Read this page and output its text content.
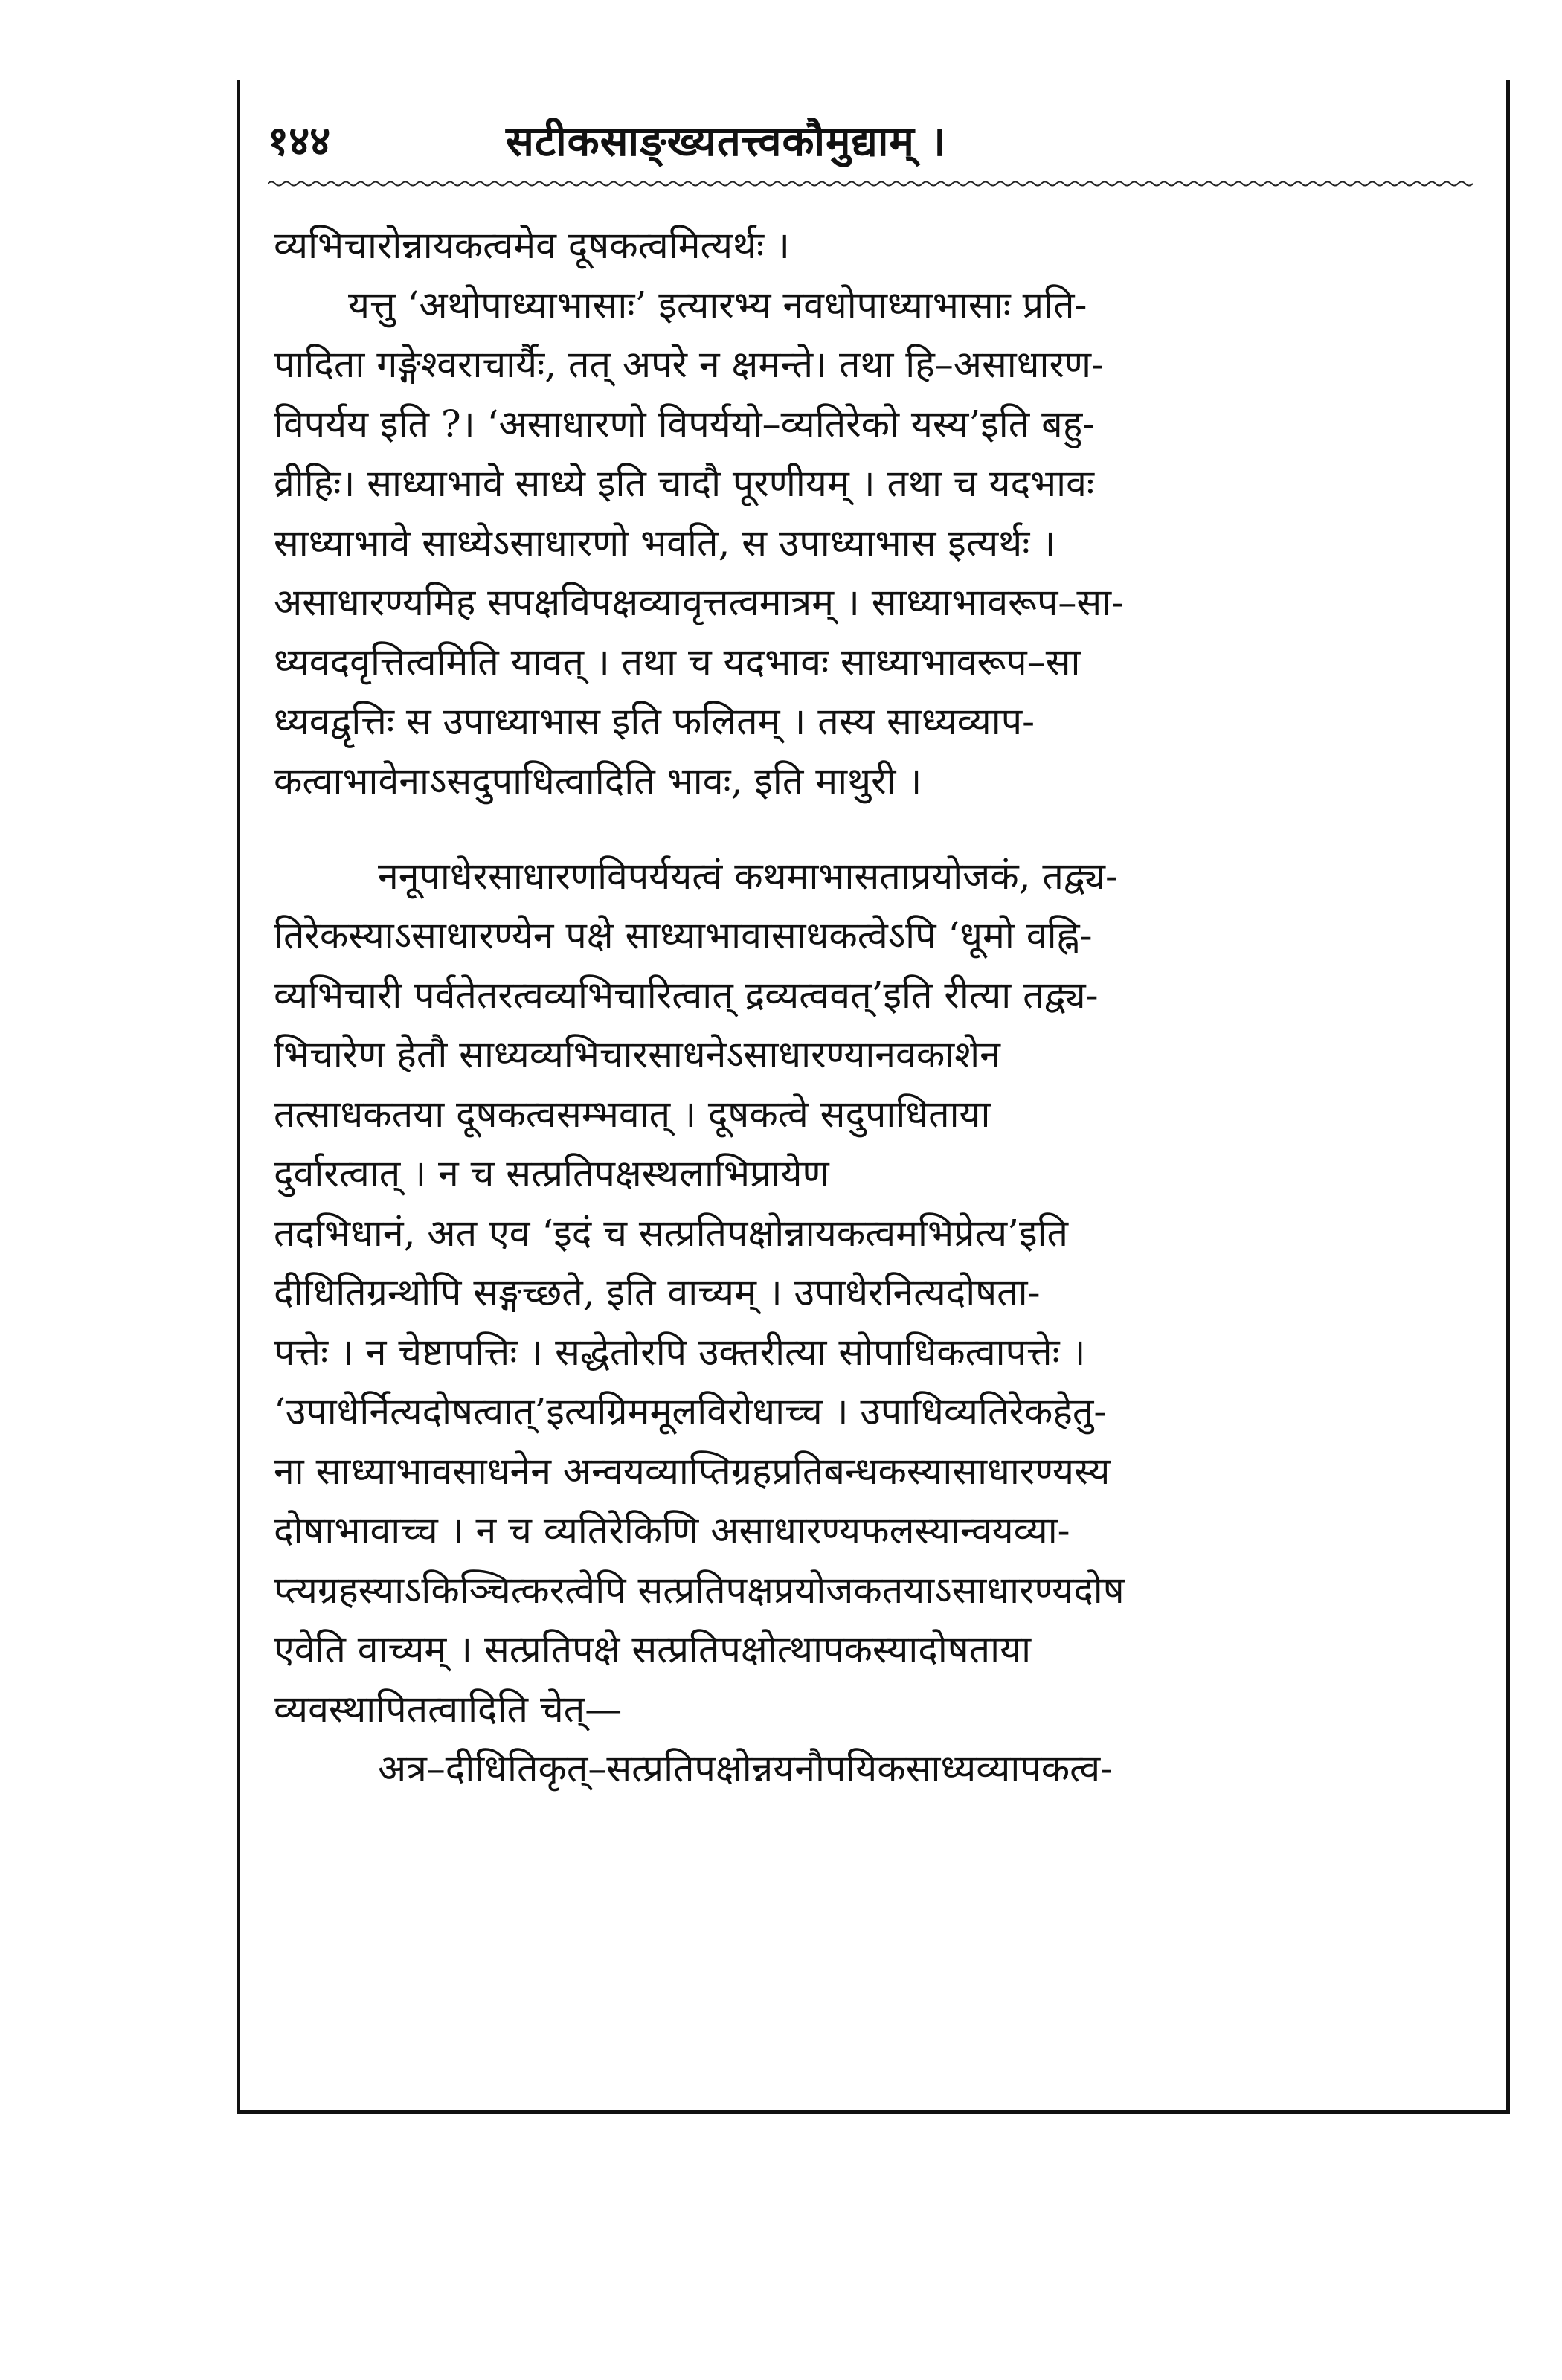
१४४	सटीकसाङ्ख्यतत्त्वकौमुद्याम् ।

व्यभिचारोन्नायकत्वमेव दूषकत्वमित्यर्थः ।

यत्तु ‘अथोपाध्याभासाः’ इत्यारभ्य नवधोपाध्याभासाः प्रति-
पादिता गङ्गेश्वराचार्यैः, तत् अपरे न क्षमन्ते। तथा हि–असाधारण-
विपर्यय इति ?। ‘असाधारणो विपर्ययो–व्यतिरेको यस्य’इति बहु-
व्रीहिः। साध्याभावे साध्ये इति चादौ पूरणीयम् । तथा च यदभावः
साध्याभावे साध्येऽसाधारणो भवति, स उपाध्याभास इत्यर्थः ।
असाधारण्यमिह सपक्षविपक्षव्यावृत्तत्वमात्रम् । साध्याभावरूप–सा-
ध्यवदवृत्तित्वमिति यावत् । तथा च यदभावः साध्याभावरूप–सा
ध्यवद्वृत्तिः स उपाध्याभास इति फलितम् । तस्य साध्यव्याप-
कत्वाभावेनाऽसदुपाधित्वादिति भावः, इति माथुरी ।

ननूपाधेरसाधारणविपर्ययत्वं कथमाभासताप्रयोजकं, तद्व्य-
तिरेकस्याऽसाधारण्येन पक्षे साध्याभावासाधकत्वेऽपि ‘धूमो वह्नि-
व्यभिचारी पर्वतेतरत्वव्यभिचारित्वात् द्रव्यत्ववत्’इति रीत्या तद्व्य-
भिचारेण हेतौ साध्यव्यभिचारसाधनेऽसाधारण्यानवकाशेन
तत्साधकतया दूषकत्वसम्भवात् । दूषकत्वे सदुपाधिताया
दुर्वारत्वात् । न च सत्प्रतिपक्षस्थलाभिप्रायेण
तदभिधानं, अत एव ‘इदं च सत्प्रतिपक्षोन्नायकत्वमभिप्रेत्य’इति
दीधितिग्रन्थोपि सङ्गच्छते, इति वाच्यम् । उपाधेरनित्यदोषता-
पत्तेः । न चेष्टापत्तिः । सद्धेतोरपि उक्तरीत्या सोपाधिकत्वापत्तेः ।
‘उपाधेर्नित्यदोषत्वात्’इत्यग्रिममूलविरोधाच्च । उपाधिव्यतिरेकहेतु-
ना साध्याभावसाधनेन अन्वयव्याप्तिग्रहप्रतिबन्धकस्यासाधारण्यस्य
दोषाभावाच्च । न च व्यतिरेकिणि असाधारण्यफलस्यान्वयव्या-
प्त्यग्रहस्याऽकिञ्चित्करत्वेपि सत्प्रतिपक्षप्रयोजकतयाऽसाधारण्यदोष
एवेति वाच्यम् । सत्प्रतिपक्षे सत्प्रतिपक्षोत्थापकस्यादोषताया
व्यवस्थापितत्वादिति चेत्—

अत्र–दीधितिकृत्–सत्प्रतिपक्षोन्नयनौपयिकसाध्यव्यापकत्व-
